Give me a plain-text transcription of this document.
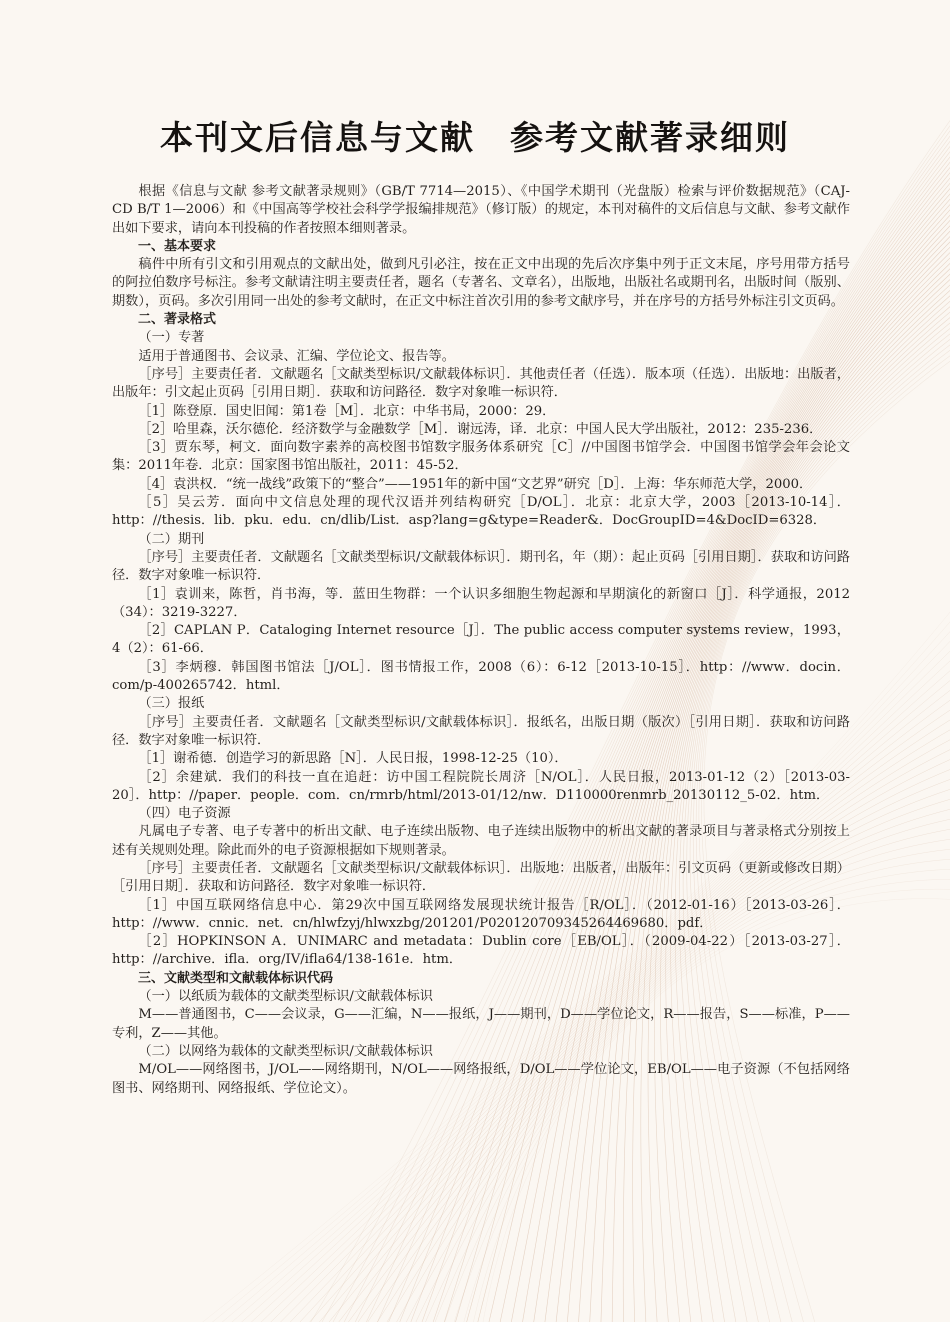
本刊文后信息与文献　参考文献著录细则

根据《信息与文献 参考文献著录规则》（GB/T 7714—2015）、《中国学术期刊（光盘版）检索与评价数据规范》（CAJ-CD B/T 1—2006）和《中国高等学校社会科学学报编排规范》（修订版）的规定，本刊对稿件的文后信息与文献、参考文献作出如下要求，请向本刊投稿的作者按照本细则著录。

一、基本要求

稿件中所有引文和引用观点的文献出处，做到凡引必注，按在正文中出现的先后次序集中列于正文末尾，序号用带方括号的阿拉伯数序号标注。参考文献请注明主要责任者，题名（专著名、文章名），出版地，出版社名或期刊名，出版时间（版别、期数），页码。多次引用同一出处的参考文献时，在正文中标注首次引用的参考文献序号，并在序号的方括号外标注引文页码。

二、著录格式

（一）专著

适用于普通图书、会议录、汇编、学位论文、报告等。

［序号］主要责任者．文献题名［文献类型标识/文献载体标识］．其他责任者（任选）．版本项（任选）．出版地：出版者，出版年：引文起止页码［引用日期］．获取和访问路径．数字对象唯一标识符．

［1］陈登原．国史旧闻：第1卷［M］．北京：中华书局，2000：29．

［2］哈里森，沃尔德伦．经济数学与金融数学［M］．谢远涛，译．北京：中国人民大学出版社，2012：235-236．

［3］贾东琴，柯文．面向数字素养的高校图书馆数字服务体系研究［C］//中国图书馆学会．中国图书馆学会年会论文集：2011年卷．北京：国家图书馆出版社，2011：45-52．

［4］袁洪权．“统一战线”政策下的“整合”——1951年的新中国“文艺界”研究［D］．上海：华东师范大学，2000．

［5］吴云芳．面向中文信息处理的现代汉语并列结构研究［D/OL］．北京：北京大学，2003［2013-10-14］．http：//thesis．lib．pku．edu．cn/dlib/List．asp?lang=g&type=Reader&．DocGroupID=4&DocID=6328．

（二）期刊

［序号］主要责任者．文献题名［文献类型标识/文献载体标识］．期刊名，年（期）：起止页码［引用日期］．获取和访问路径．数字对象唯一标识符．

［1］袁训来，陈哲，肖书海，等．蓝田生物群：一个认识多细胞生物起源和早期演化的新窗口［J］．科学通报，2012（34）：3219-3227．

［2］CAPLAN P．Cataloging Internet resource［J］．The public access computer systems review，1993，4（2）：61-66．

［3］李炳穆．韩国图书馆法［J/OL］．图书情报工作，2008（6）：6-12［2013-10-15］．http：//www．docin．com/p-400265742．html．

（三）报纸

［序号］主要责任者．文献题名［文献类型标识/文献载体标识］．报纸名，出版日期（版次）［引用日期］．获取和访问路径．数字对象唯一标识符．

［1］谢希德．创造学习的新思路［N］．人民日报，1998-12-25（10）．

［2］余建斌．我们的科技一直在追赶：访中国工程院院长周济［N/OL］．人民日报，2013-01-12（2）［2013-03-20］．http：//paper．people．com．cn/rmrb/html/2013-01/12/nw．D110000renmrb_20130112_5-02．htm．

（四）电子资源

凡属电子专著、电子专著中的析出文献、电子连续出版物、电子连续出版物中的析出文献的著录项目与著录格式分别按上述有关规则处理。除此而外的电子资源根据如下规则著录。

［序号］主要责任者．文献题名［文献类型标识/文献载体标识］．出版地：出版者，出版年：引文页码（更新或修改日期）［引用日期］．获取和访问路径．数字对象唯一标识符．

［1］中国互联网络信息中心．第29次中国互联网络发展现状统计报告［R/OL］．（2012-01-16）［2013-03-26］．http：//www．cnnic．net．cn/hlwfzyj/hlwxzbg/201201/P020120709345264469680．pdf．

［2］HOPKINSON A．UNIMARC and metadata：Dublin core［EB/OL］．（2009-04-22）［2013-03-27］．http：//archive．ifla．org/IV/ifla64/138-161e．htm．

三、文献类型和文献载体标识代码

（一）以纸质为载体的文献类型标识/文献载体标识

M——普通图书，C——会议录，G——汇编，N——报纸，J——期刊，D——学位论文，R——报告，S——标准，P——专利，Z——其他。

（二）以网络为载体的文献类型标识/文献载体标识

M/OL——网络图书，J/OL——网络期刊，N/OL——网络报纸，D/OL——学位论文，EB/OL——电子资源（不包括网络图书、网络期刊、网络报纸、学位论文）。
